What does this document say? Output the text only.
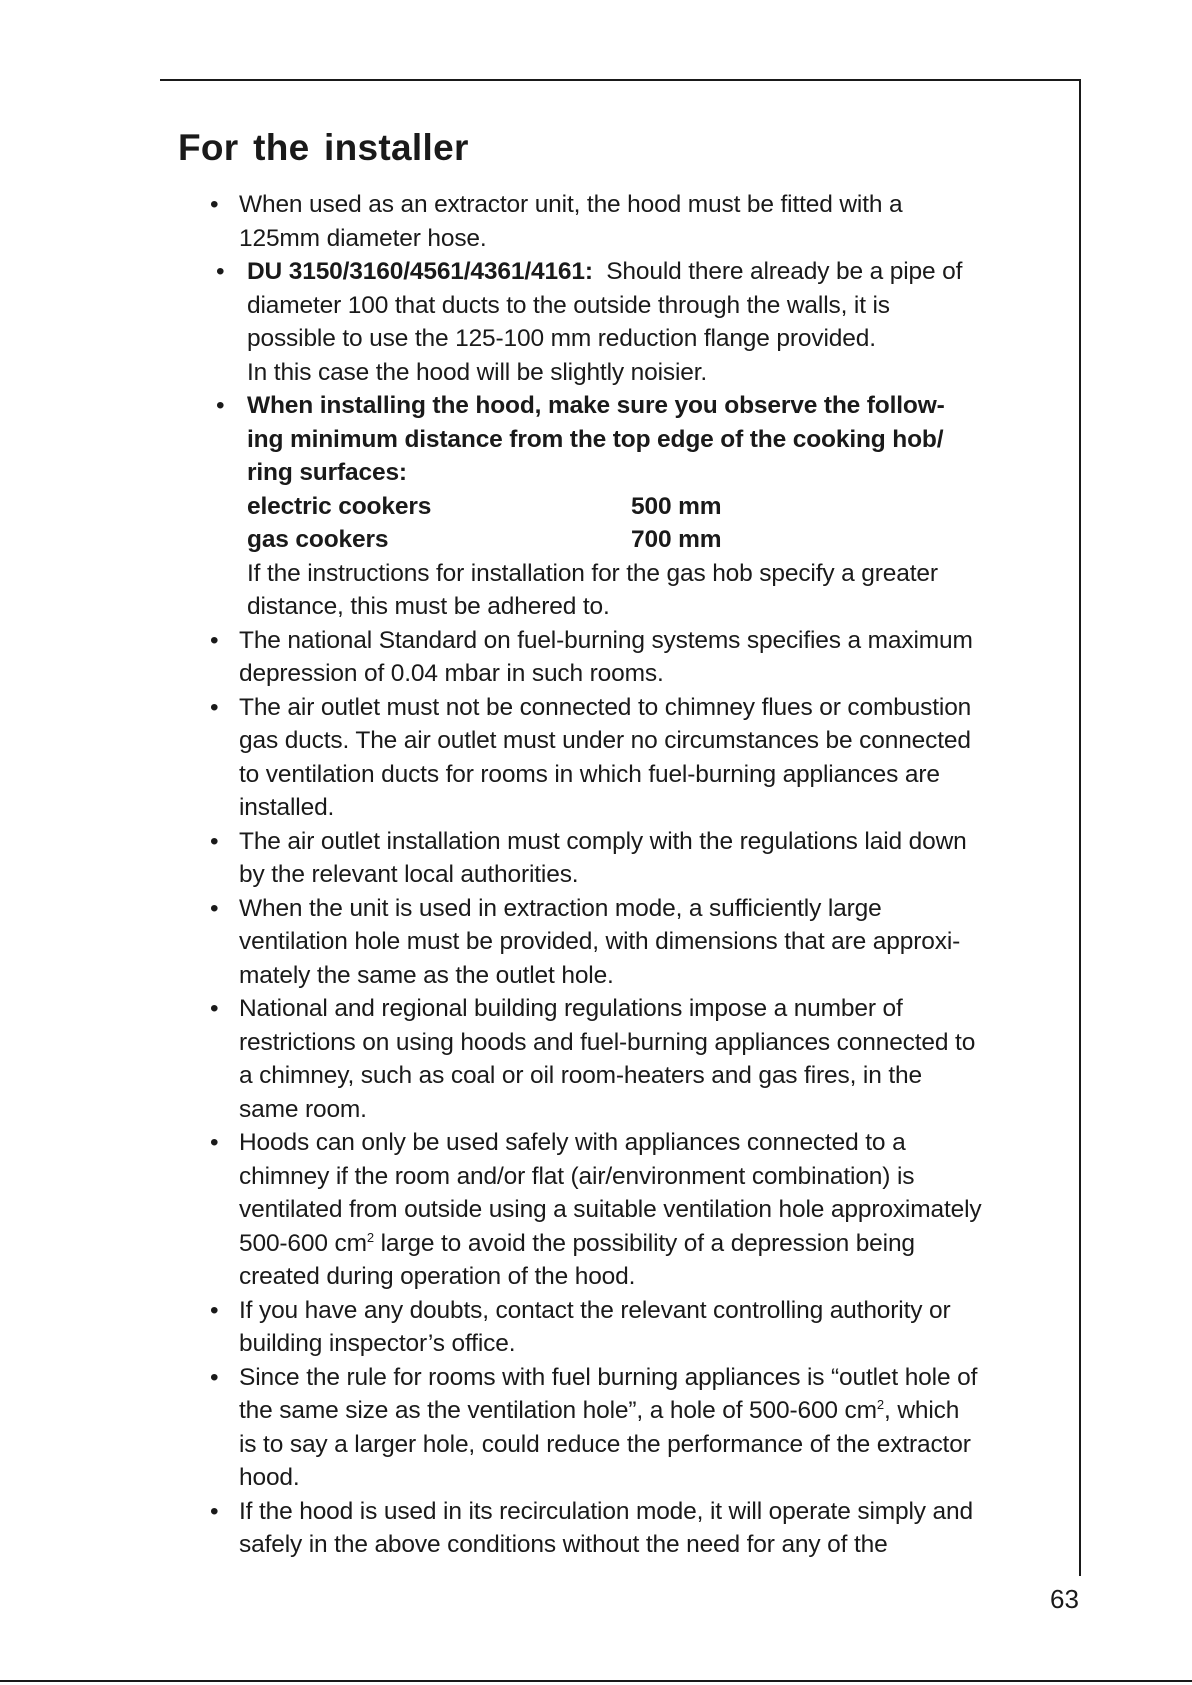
For the installer
• When used as an extractor unit, the hood must be fitted with a
125mm diameter hose.
• DU 3150/3160/4561/4361/4161: Should there already be a pipe of
diameter 100 that ducts to the outside through the walls, it is
possible to use the 125-100 mm reduction flange provided.
In this case the hood will be slightly noisier.
• When installing the hood, make sure you observe the follow-
ing minimum distance from the top edge of the cooking hob/
ring surfaces:
electric cookers	500 mm
gas cookers	700 mm
If the instructions for installation for the gas hob specify a greater
distance, this must be adhered to.
• The national Standard on fuel-burning systems specifies a maximum
depression of 0.04 mbar in such rooms.
• The air outlet must not be connected to chimney flues or combustion
gas ducts. The air outlet must under no circumstances be connected
to ventilation ducts for rooms in which fuel-burning appliances are
installed.
• The air outlet installation must comply with the regulations laid down
by the relevant local authorities.
• When the unit is used in extraction mode, a sufficiently large
ventilation hole must be provided, with dimensions that are approxi-
mately the same as the outlet hole.
• National and regional building regulations impose a number of
restrictions on using hoods and fuel-burning appliances connected to
a chimney, such as coal or oil room-heaters and gas fires, in the
same room.
• Hoods can only be used safely with appliances connected to a
chimney if the room and/or flat (air/environment combination) is
ventilated from outside using a suitable ventilation hole approximately
500-600 $cm^2$ large to avoid the possibility of a depression being
created during operation of the hood.
• If you have any doubts, contact the relevant controlling authority or
building inspector’s office.
• Since the rule for rooms with fuel burning appliances is “outlet hole of
the same size as the ventilation hole”, a hole of 500-600 $cm^2$, which
is to say a larger hole, could reduce the performance of the extractor
hood.
• If the hood is used in its recirculation mode, it will operate simply and
safely in the above conditions without the need for any of the
63
